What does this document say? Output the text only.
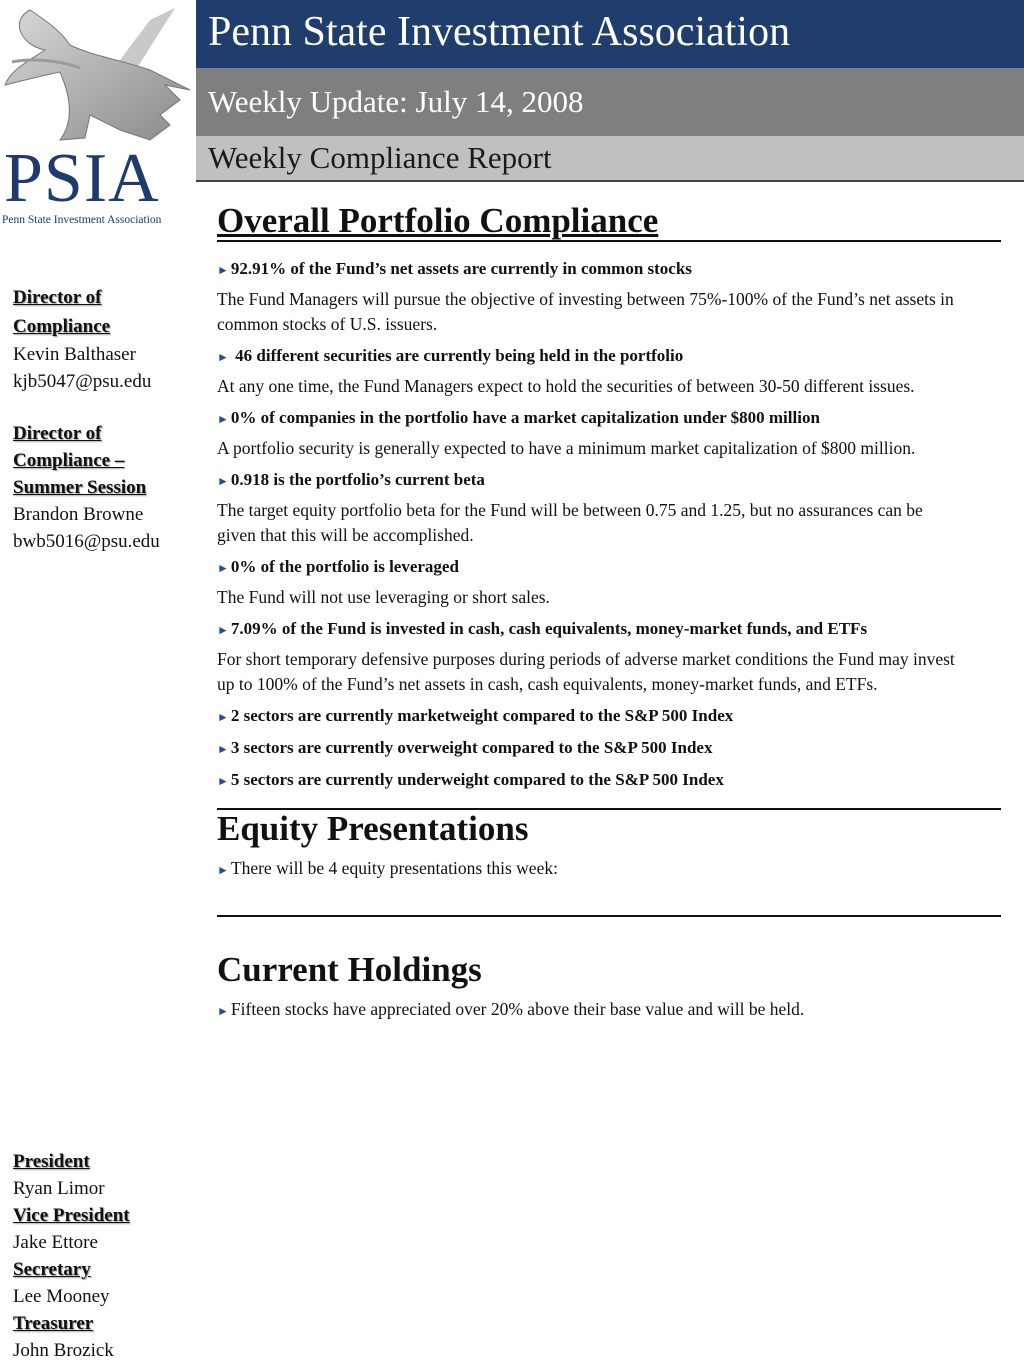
PSIA
Penn State Investment Association
Penn State Investment Association
Weekly Update: July 14, 2008
Weekly Compliance Report
Director of Compliance
Kevin Balthaser
kjb5047@psu.edu
Director of Compliance – Summer Session
Brandon Browne
bwb5016@psu.edu
President
Ryan Limor
Vice President
Jake Ettore
Secretary
Lee Mooney
Treasurer
John Brozick
Overall Portfolio Compliance
► 92.91% of the Fund’s net assets are currently in common stocks
The Fund Managers will pursue the objective of investing between 75%-100% of the Fund’s net assets in common stocks of U.S. issuers.
► 46 different securities are currently being held in the portfolio
At any one time, the Fund Managers expect to hold the securities of between 30-50 different issues.
► 0% of companies in the portfolio have a market capitalization under $800 million
A portfolio security is generally expected to have a minimum market capitalization of $800 million.
► 0.918 is the portfolio’s current beta
The target equity portfolio beta for the Fund will be between 0.75 and 1.25, but no assurances can be given that this will be accomplished.
► 0% of the portfolio is leveraged
The Fund will not use leveraging or short sales.
► 7.09% of the Fund is invested in cash, cash equivalents, money-market funds, and ETFs
For short temporary defensive purposes during periods of adverse market conditions the Fund may invest up to 100% of the Fund’s net assets in cash, cash equivalents, money-market funds, and ETFs.
► 2 sectors are currently marketweight compared to the S&P 500 Index
► 3 sectors are currently overweight compared to the S&P 500 Index
► 5 sectors are currently underweight compared to the S&P 500 Index
Equity Presentations
► There will be 4 equity presentations this week:
Current Holdings
► Fifteen stocks have appreciated over 20% above their base value and will be held.
